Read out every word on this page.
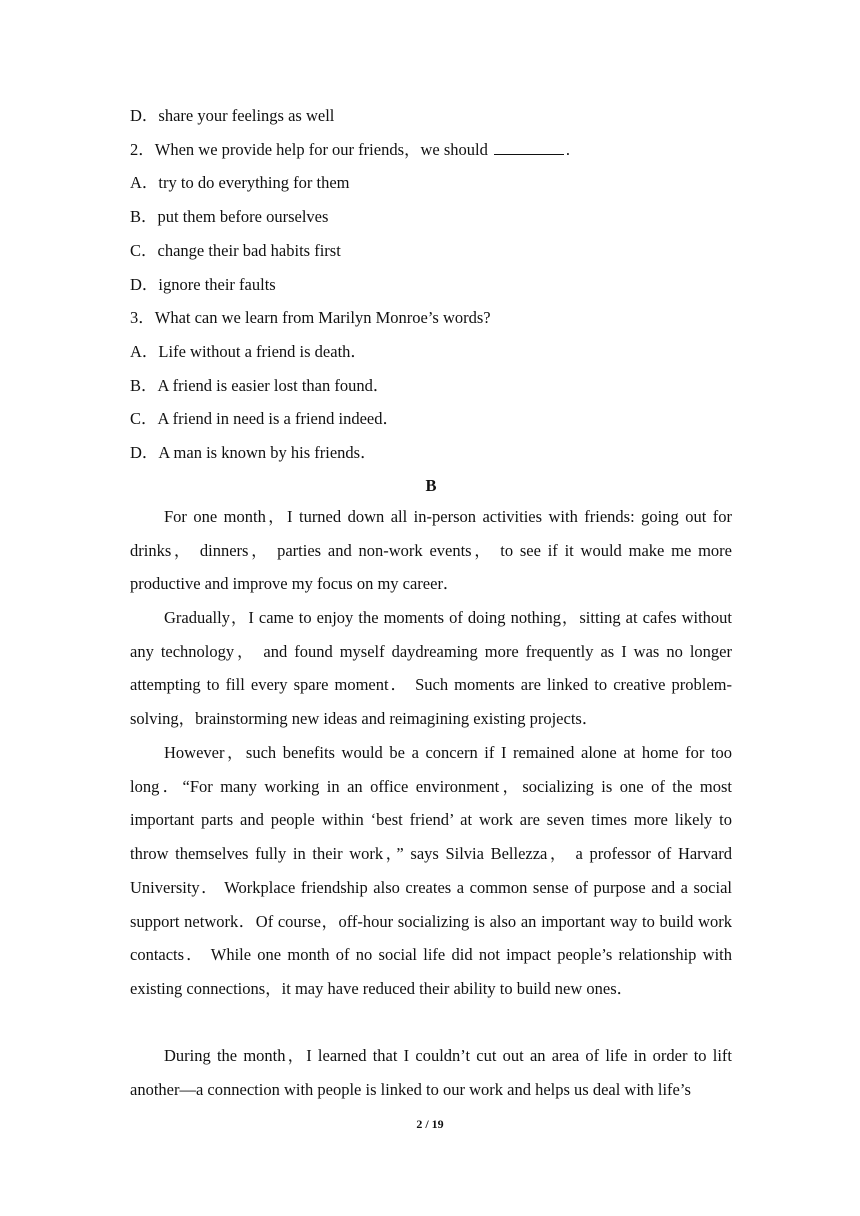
D．share your feelings as well
2．When we provide help for our friends，we should	.
A．try to do everything for them
B．put them before ourselves
C．change their bad habits first
D．ignore their faults
3．What can we learn from Marilyn Monroe’s words?
A．Life without a friend is death．
B．A friend is easier lost than found．
C．A friend in need is a friend indeed．
D．A man is known by his friends．
B

For one month，I turned down all in-person activities with friends: going out for drinks， dinners， parties and non-work events， to see if it would make me more productive and improve my focus on my career．

Gradually，I came to enjoy the moments of doing nothing，sitting at cafes without any technology， and found myself daydreaming more frequently as I was no longer attempting to fill every spare moment． Such moments are linked to creative problem-solving，brainstorming new ideas and reimagining existing projects．

However，such benefits would be a concern if I remained alone at home for too long．“For many working in an office environment，socializing is one of the most important parts and people within ‘best friend’ at work are seven times more likely to throw themselves fully in their work，” says Silvia Bellezza， a professor of Harvard University． Workplace friendship also creates a common sense of purpose and a social support network．Of course，off-hour socializing is also an important way to build work contacts． While one month of no social life did not impact people’s relationship with existing connections，it may have reduced their ability to build new ones．

During the month，I learned that I couldn’t cut out an area of life in order to lift another—a connection with people is linked to our work and helps us deal with life’s

2 / 19
